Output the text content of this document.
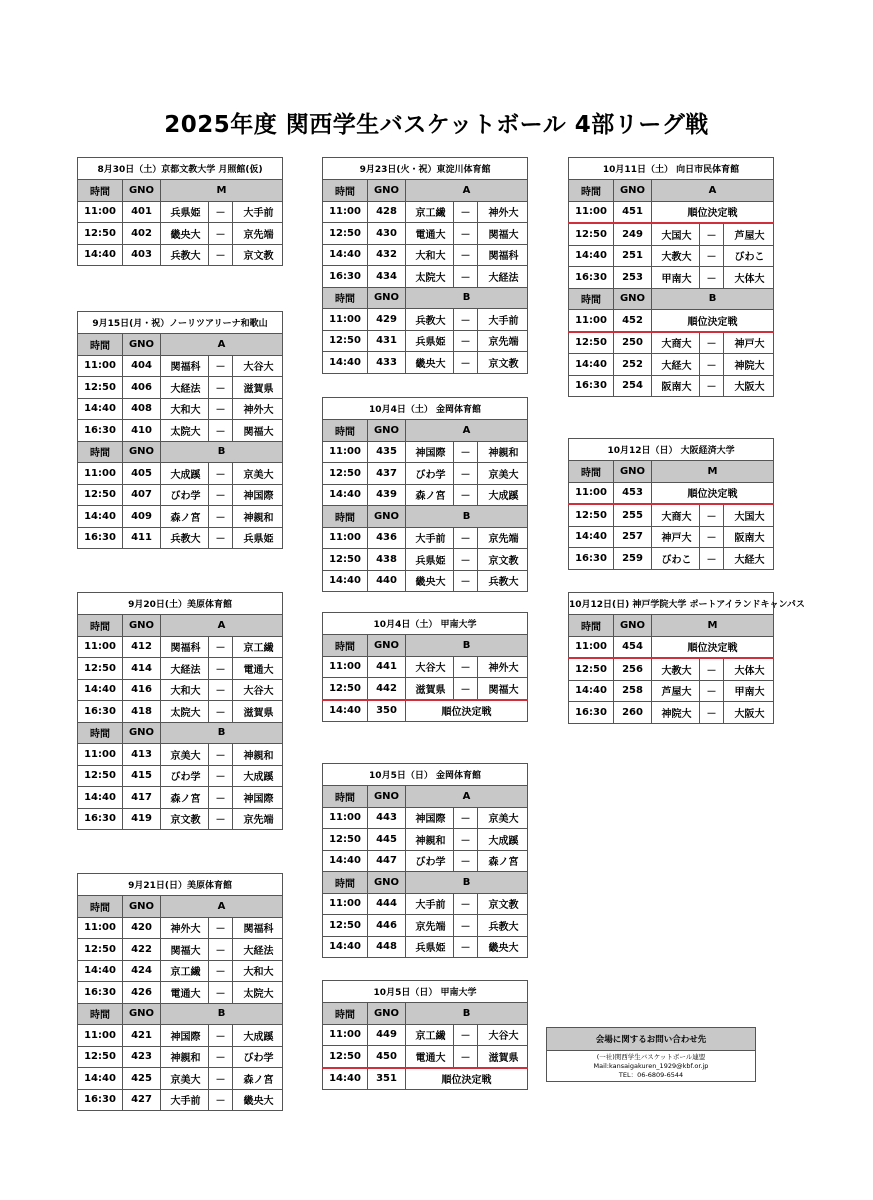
2025年度 関西学生バスケットボール 4部リーグ戦
8月30日（土）京都文教大学 月照館(仮)				
時間	GNO	M		
11:00	401	兵県姫	－	大手前
12:50	402	畿央大	－	京先端
14:40	403	兵教大	－	京文教
9月15日(月・祝）ノーリツアリーナ和歌山				
時間	GNO	A		
11:00	404	関福科	－	大谷大
12:50	406	大経法	－	滋賀県
14:40	408	大和大	－	神外大
16:30	410	太院大	－	関福大
時間	GNO	B		
11:00	405	大成蹊	－	京美大
12:50	407	びわ学	－	神国際
14:40	409	森ノ宮	－	神親和
16:30	411	兵教大	－	兵県姫
9月20日(土）美原体育館				
時間	GNO	A		
11:00	412	関福科	－	京工繊
12:50	414	大経法	－	電通大
14:40	416	大和大	－	大谷大
16:30	418	太院大	－	滋賀県
時間	GNO	B		
11:00	413	京美大	－	神親和
12:50	415	びわ学	－	大成蹊
14:40	417	森ノ宮	－	神国際
16:30	419	京文教	－	京先端
9月21日(日）美原体育館				
時間	GNO	A		
11:00	420	神外大	－	関福科
12:50	422	関福大	－	大経法
14:40	424	京工繊	－	大和大
16:30	426	電通大	－	太院大
時間	GNO	B		
11:00	421	神国際	－	大成蹊
12:50	423	神親和	－	びわ学
14:40	425	京美大	－	森ノ宮
16:30	427	大手前	－	畿央大
9月23日(火・祝）東淀川体育館				
時間	GNO	A		
11:00	428	京工繊	－	神外大
12:50	430	電通大	－	関福大
14:40	432	大和大	－	関福科
16:30	434	太院大	－	大経法
時間	GNO	B		
11:00	429	兵教大	－	大手前
12:50	431	兵県姫	－	京先端
14:40	433	畿央大	－	京文教
10月4日（土） 金岡体育館				
時間	GNO	A		
11:00	435	神国際	－	神親和
12:50	437	びわ学	－	京美大
14:40	439	森ノ宮	－	大成蹊
時間	GNO	B		
11:00	436	大手前	－	京先端
12:50	438	兵県姫	－	京文教
14:40	440	畿央大	－	兵教大
10月4日（土） 甲南大学				
時間	GNO	B		
11:00	441	大谷大	－	神外大
12:50	442	滋賀県	－	関福大
14:40	350	順位決定戦		
10月5日（日） 金岡体育館				
時間	GNO	A		
11:00	443	神国際	－	京美大
12:50	445	神親和	－	大成蹊
14:40	447	びわ学	－	森ノ宮
時間	GNO	B		
11:00	444	大手前	－	京文教
12:50	446	京先端	－	兵教大
14:40	448	兵県姫	－	畿央大
10月5日（日） 甲南大学				
時間	GNO	B		
11:00	449	京工繊	－	大谷大
12:50	450	電通大	－	滋賀県
14:40	351	順位決定戦		
10月11日（土） 向日市民体育館				
時間	GNO	A		
11:00	451	順位決定戦		
12:50	249	大国大	－	芦屋大
14:40	251	大教大	－	びわこ
16:30	253	甲南大	－	大体大
時間	GNO	B		
11:00	452	順位決定戦		
12:50	250	大商大	－	神戸大
14:40	252	大経大	－	神院大
16:30	254	阪南大	－	大阪大
10月12日（日） 大阪経済大学				
時間	GNO	M		
11:00	453	順位決定戦		
12:50	255	大商大	－	大国大
14:40	257	神戸大	－	阪南大
16:30	259	びわこ	－	大経大
10月12日(日) 神戸学院大学 ポートアイランドキャンパス				
時間	GNO	M		
11:00	454	順位決定戦		
12:50	256	大教大	－	大体大
14:40	258	芦屋大	－	甲南大
16:30	260	神院大	－	大阪大
会場に関するお問い合わせ先

(一社)関西学生バスケットボール連盟
Mail:kansaigakuren_1929@kbf.or.jp
TEL：06-6809-6544
